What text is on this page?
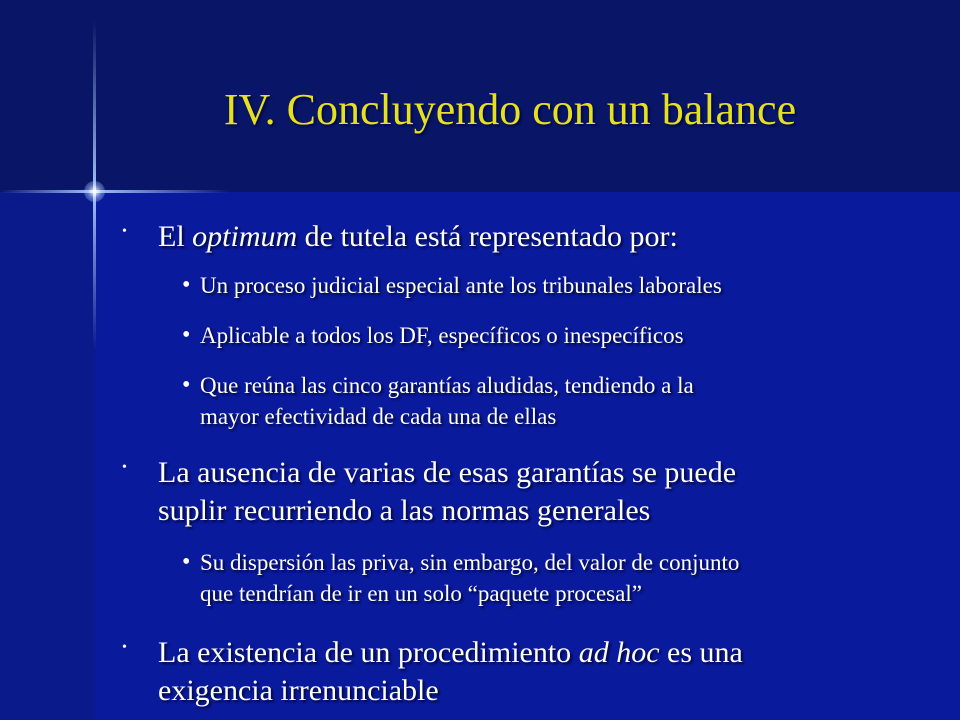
IV. Concluyendo con un balance
• El optimum de tutela está representado por:
• Un proceso judicial especial ante los tribunales laborales
• Aplicable a todos los DF, específicos o inespecíficos
• Que reúna las cinco garantías aludidas, tendiendo a la
mayor efectividad de cada una de ellas
• La ausencia de varias de esas garantías se puede
suplir recurriendo a las normas generales
• Su dispersión las priva, sin embargo, del valor de conjunto
que tendrían de ir en un solo “paquete procesal”
• La existencia de un procedimiento ad hoc es una
exigencia irrenunciable
